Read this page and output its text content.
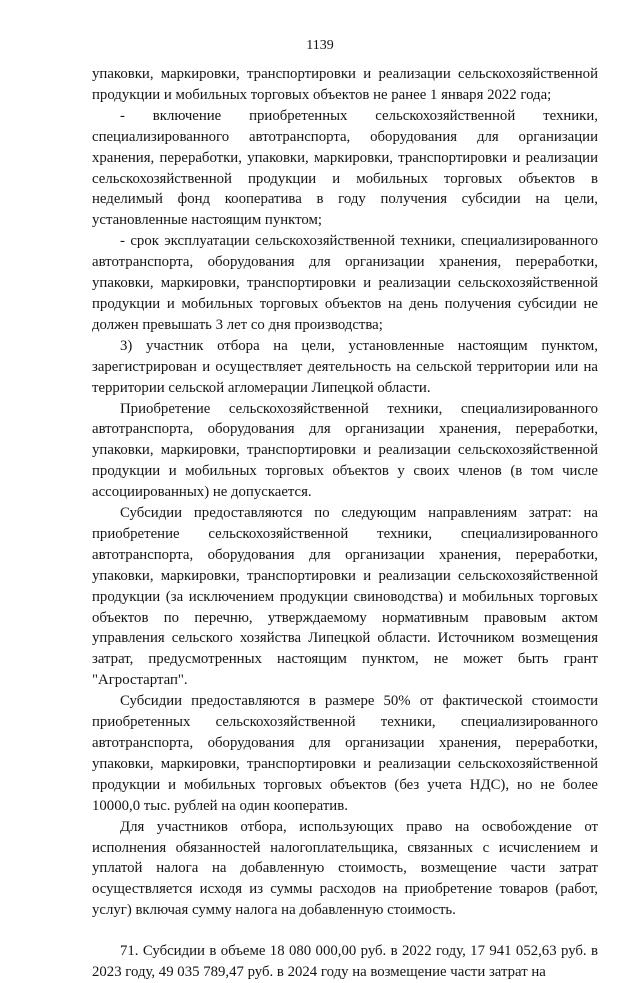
1139

упаковки, маркировки, транспортировки и реализации сельскохозяйственной продукции и мобильных торговых объектов не ранее 1 января 2022 года;

- включение приобретенных сельскохозяйственной техники, специализированного автотранспорта, оборудования для организации хранения, переработки, упаковки, маркировки, транспортировки и реализации сельскохозяйственной продукции и мобильных торговых объектов в неделимый фонд кооператива в году получения субсидии на цели, установленные настоящим пунктом;

- срок эксплуатации сельскохозяйственной техники, специализированного автотранспорта, оборудования для организации хранения, переработки, упаковки, маркировки, транспортировки и реализации сельскохозяйственной продукции и мобильных торговых объектов на день получения субсидии не должен превышать 3 лет со дня производства;

3) участник отбора на цели, установленные настоящим пунктом, зарегистрирован и осуществляет деятельность на сельской территории или на территории сельской агломерации Липецкой области.

Приобретение сельскохозяйственной техники, специализированного автотранспорта, оборудования для организации хранения, переработки, упаковки, маркировки, транспортировки и реализации сельскохозяйственной продукции и мобильных торговых объектов у своих членов (в том числе ассоциированных) не допускается.

Субсидии предоставляются по следующим направлениям затрат: на приобретение сельскохозяйственной техники, специализированного автотранспорта, оборудования для организации хранения, переработки, упаковки, маркировки, транспортировки и реализации сельскохозяйственной продукции (за исключением продукции свиноводства) и мобильных торговых объектов по перечню, утверждаемому нормативным правовым актом управления сельского хозяйства Липецкой области. Источником возмещения затрат, предусмотренных настоящим пунктом, не может быть грант "Агростартап".

Субсидии предоставляются в размере 50% от фактической стоимости приобретенных сельскохозяйственной техники, специализированного автотранспорта, оборудования для организации хранения, переработки, упаковки, маркировки, транспортировки и реализации сельскохозяйственной продукции и мобильных торговых объектов (без учета НДС), но не более 10000,0 тыс. рублей на один кооператив.

Для участников отбора, использующих право на освобождение от исполнения обязанностей налогоплательщика, связанных с исчислением и уплатой налога на добавленную стоимость, возмещение части затрат осуществляется исходя из суммы расходов на приобретение товаров (работ, услуг) включая сумму налога на добавленную стоимость.

71. Субсидии в объеме 18 080 000,00 руб. в 2022 году, 17 941 052,63 руб. в 2023 году, 49 035 789,47 руб. в 2024 году на возмещение части затрат на
